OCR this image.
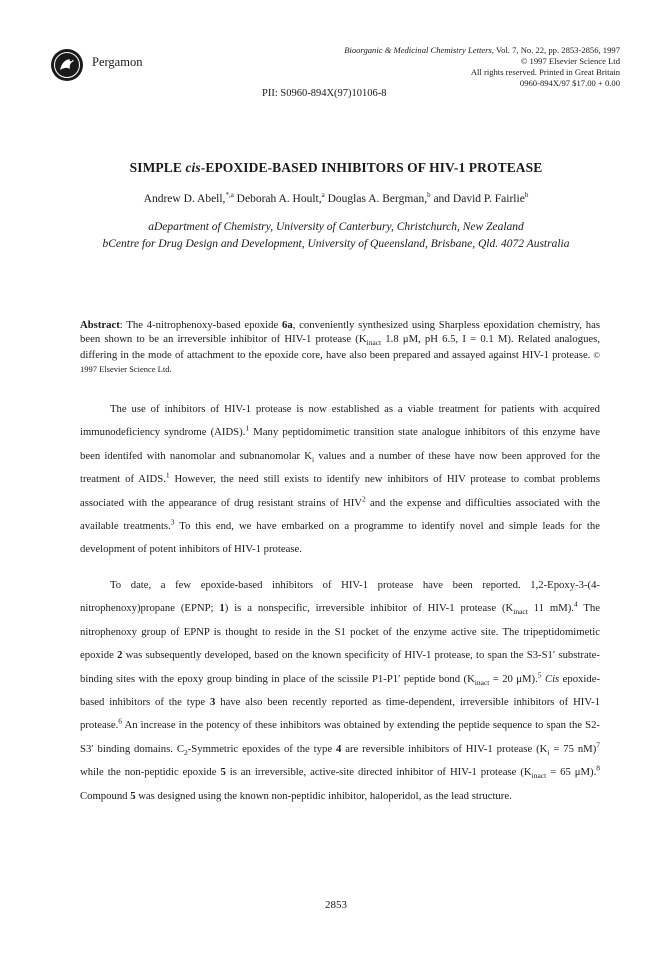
Pergamon
Bioorganic & Medicinal Chemistry Letters, Vol. 7, No. 22, pp. 2853-2856, 1997
© 1997 Elsevier Science Ltd
All rights reserved. Printed in Great Britain
0960-894X/97 $17.00 + 0.00
PII: S0960-894X(97)10106-8
SIMPLE cis-EPOXIDE-BASED INHIBITORS OF HIV-1 PROTEASE
Andrew D. Abell,$^{*,a}$ Deborah A. Hoult,$^a$ Douglas A. Bergman,$^b$ and David P. Fairlie$^b$
aDepartment of Chemistry, University of Canterbury, Christchurch, New Zealand
bCentre for Drug Design and Development, University of Queensland, Brisbane, Qld. 4072 Australia
Abstract: The 4-nitrophenoxy-based epoxide 6a, conveniently synthesized using Sharpless epoxidation chemistry, has been shown to be an irreversible inhibitor of HIV-1 protease ($K_{inact}$ 1.8 μM, pH 6.5, I = 0.1 M). Related analogues, differing in the mode of attachment to the epoxide core, have also been prepared and assayed against HIV-1 protease. © 1997 Elsevier Science Ltd.

The use of inhibitors of HIV-1 protease is now established as a viable treatment for patients with acquired immunodeficiency syndrome (AIDS).$^1$ Many peptidomimetic transition state analogue inhibitors of this enzyme have been identifed with nanomolar and subnanomolar $K_i$ values and a number of these have now been approved for the treatment of AIDS.$^1$ However, the need still exists to identify new inhibitors of HIV protease to combat problems associated with the appearance of drug resistant strains of HIV$^2$ and the expense and difficulties associated with the available treatments.$^3$ To this end, we have embarked on a programme to identify novel and simple leads for the development of potent inhibitors of HIV-1 protease.

To date, a few epoxide-based inhibitors of HIV-1 protease have been reported. 1,2-Epoxy-3-(4-nitrophenoxy)propane (EPNP; 1) is a nonspecific, irreversible inhibitor of HIV-1 protease ($K_{inact}$ 11 mM).$^4$ The nitrophenoxy group of EPNP is thought to reside in the S1 pocket of the enzyme active site. The tripeptidomimetic epoxide 2 was subsequently developed, based on the known specificity of HIV-1 protease, to span the S3-S1′ substrate-binding sites with the epoxy group binding in place of the scissile P1-P1′ peptide bond ($K_{inact} = 20$ μM).$^5$ Cis epoxide-based inhibitors of the type 3 have also been recently reported as time-dependent, irreversible inhibitors of HIV-1 protease.$^6$ An increase in the potency of these inhibitors was obtained by extending the peptide sequence to span the S2-S3′ binding domains. $C_2$-Symmetric epoxides of the type 4 are reversible inhibitors of HIV-1 protease ($K_i = 75$ nM)$^7$ while the non-peptidic epoxide 5 is an irreversible, active-site directed inhibitor of HIV-1 protease ($K_{inact} = 65$ μM).$^8$ Compound 5 was designed using the known non-peptidic inhibitor, haloperidol, as the lead structure.

2853
